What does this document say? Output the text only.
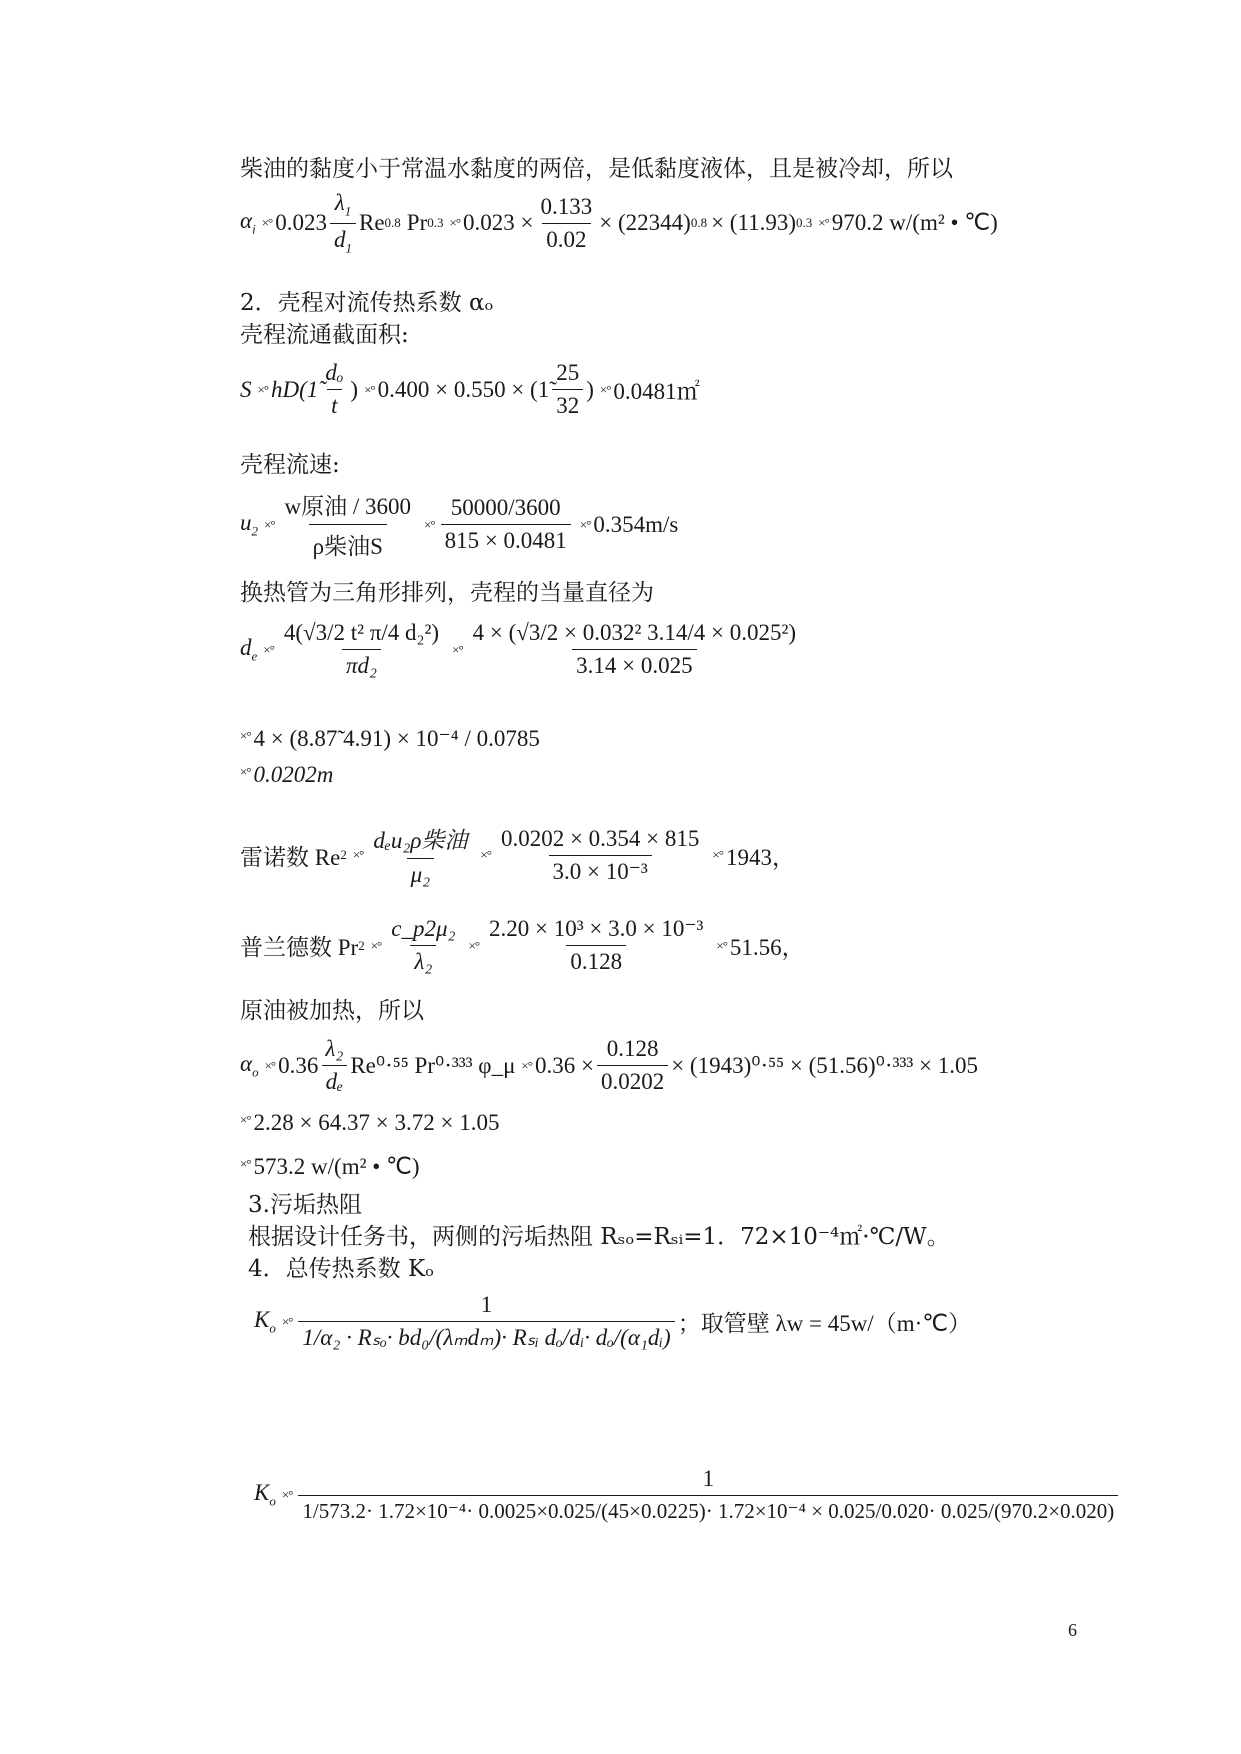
柴油的黏度小于常温水黏度的两倍，是低黏度液体，且是被冷却，所以
$\alpha_i$ ×° $0.023 \frac{\lambda_1}{d_1}$ Re 0.8 Pr 0.3 ×° $0.023 \times \frac{0.133}{0.02} \times (22344) 0.8 \times (11.93)$ 0.3 ×° 970.2 w/(m² • ℃)
2．壳程对流传热系数 αₒ
壳程流通截面积:
S ×° hD(1̃ $\frac{\text{dₒ}}{t}$ ) ×° 0.400 × 0.550 × (1̃ $\frac{25}{32}$ ) ×° 0.0481㎡
壳程流速:
$u_2$ ×° $\frac{\text{w原油 / 3600}}{\text{ρ柴油S}}$ ×° $\frac{50000/3600}{815 \times 0.0481}$ ×° 0.354m/s
换热管为三角形排列，壳程的当量直径为
$d_e$ ×° $\frac{\text{4(√3/2 t² π/4 d₂²)}}{\text{πd₂}}$ ×° $\frac{\text{4 × (√3/2 × 0.032² 3.14/4 × 0.025²)}}{3.14 \times 0.025}$
×° 4 × (8.87̃ 4.91) × 10⁻⁴ / 0.0785
×° 0.0202m
雷诺数 Re 2 ×° $\frac{\text{dₑu₂ρ柴油}}{\text{μ₂}}$ ×° $\frac{0.0202 \times 0.354 \times 815}{\text{3.0 × 10⁻³}}$ ×° 1943，
普兰德数 Pr 2 ×° $\frac{\text{c\_p2μ₂}}{\text{λ₂}}$ ×° $\frac{\text{2.20 × 10³ × 3.0 × 10⁻³}}{0.128}$ ×° 51.56，
原油被加热，所以
$\alpha_o$ ×° $0.36 \frac{\text{λ₂}}{\text{dₑ}} Re^0\cdot^{55}$ Pr⁰·³³³ φ_μ ×° $0.36 \times \frac{0.128}{0.0202} \times (1943)^0\cdot^{55} \times (51.56)^0\cdot^{333} \times 1.05$
×° 2.28 × 64.37 × 3.72 × 1.05
×° 573.2 w/(m² • ℃)
3.污垢热阻
根据设计任务书，两侧的污垢热阻 Rₛₒ=Rₛᵢ=1．72×10⁻⁴㎡·℃/W。
4．总传热系数 Kₒ
$K_o$ ×° $\frac{1}{\text{1/α₂ · Rₛₒ· bd₀/(λₘdₘ)· Rₛᵢ dₒ/dᵢ· dₒ/(α₁dᵢ)}}$ ；取管壁 λw = 45w/（m·℃）
$K_o$ ×°
1
1/573.2· 1.72×10⁻⁴· 0.0025×0.025/(45×0.0225)· 1.72×10⁻⁴ × 0.025/0.020· 0.025/(970.2×0.020)
6
